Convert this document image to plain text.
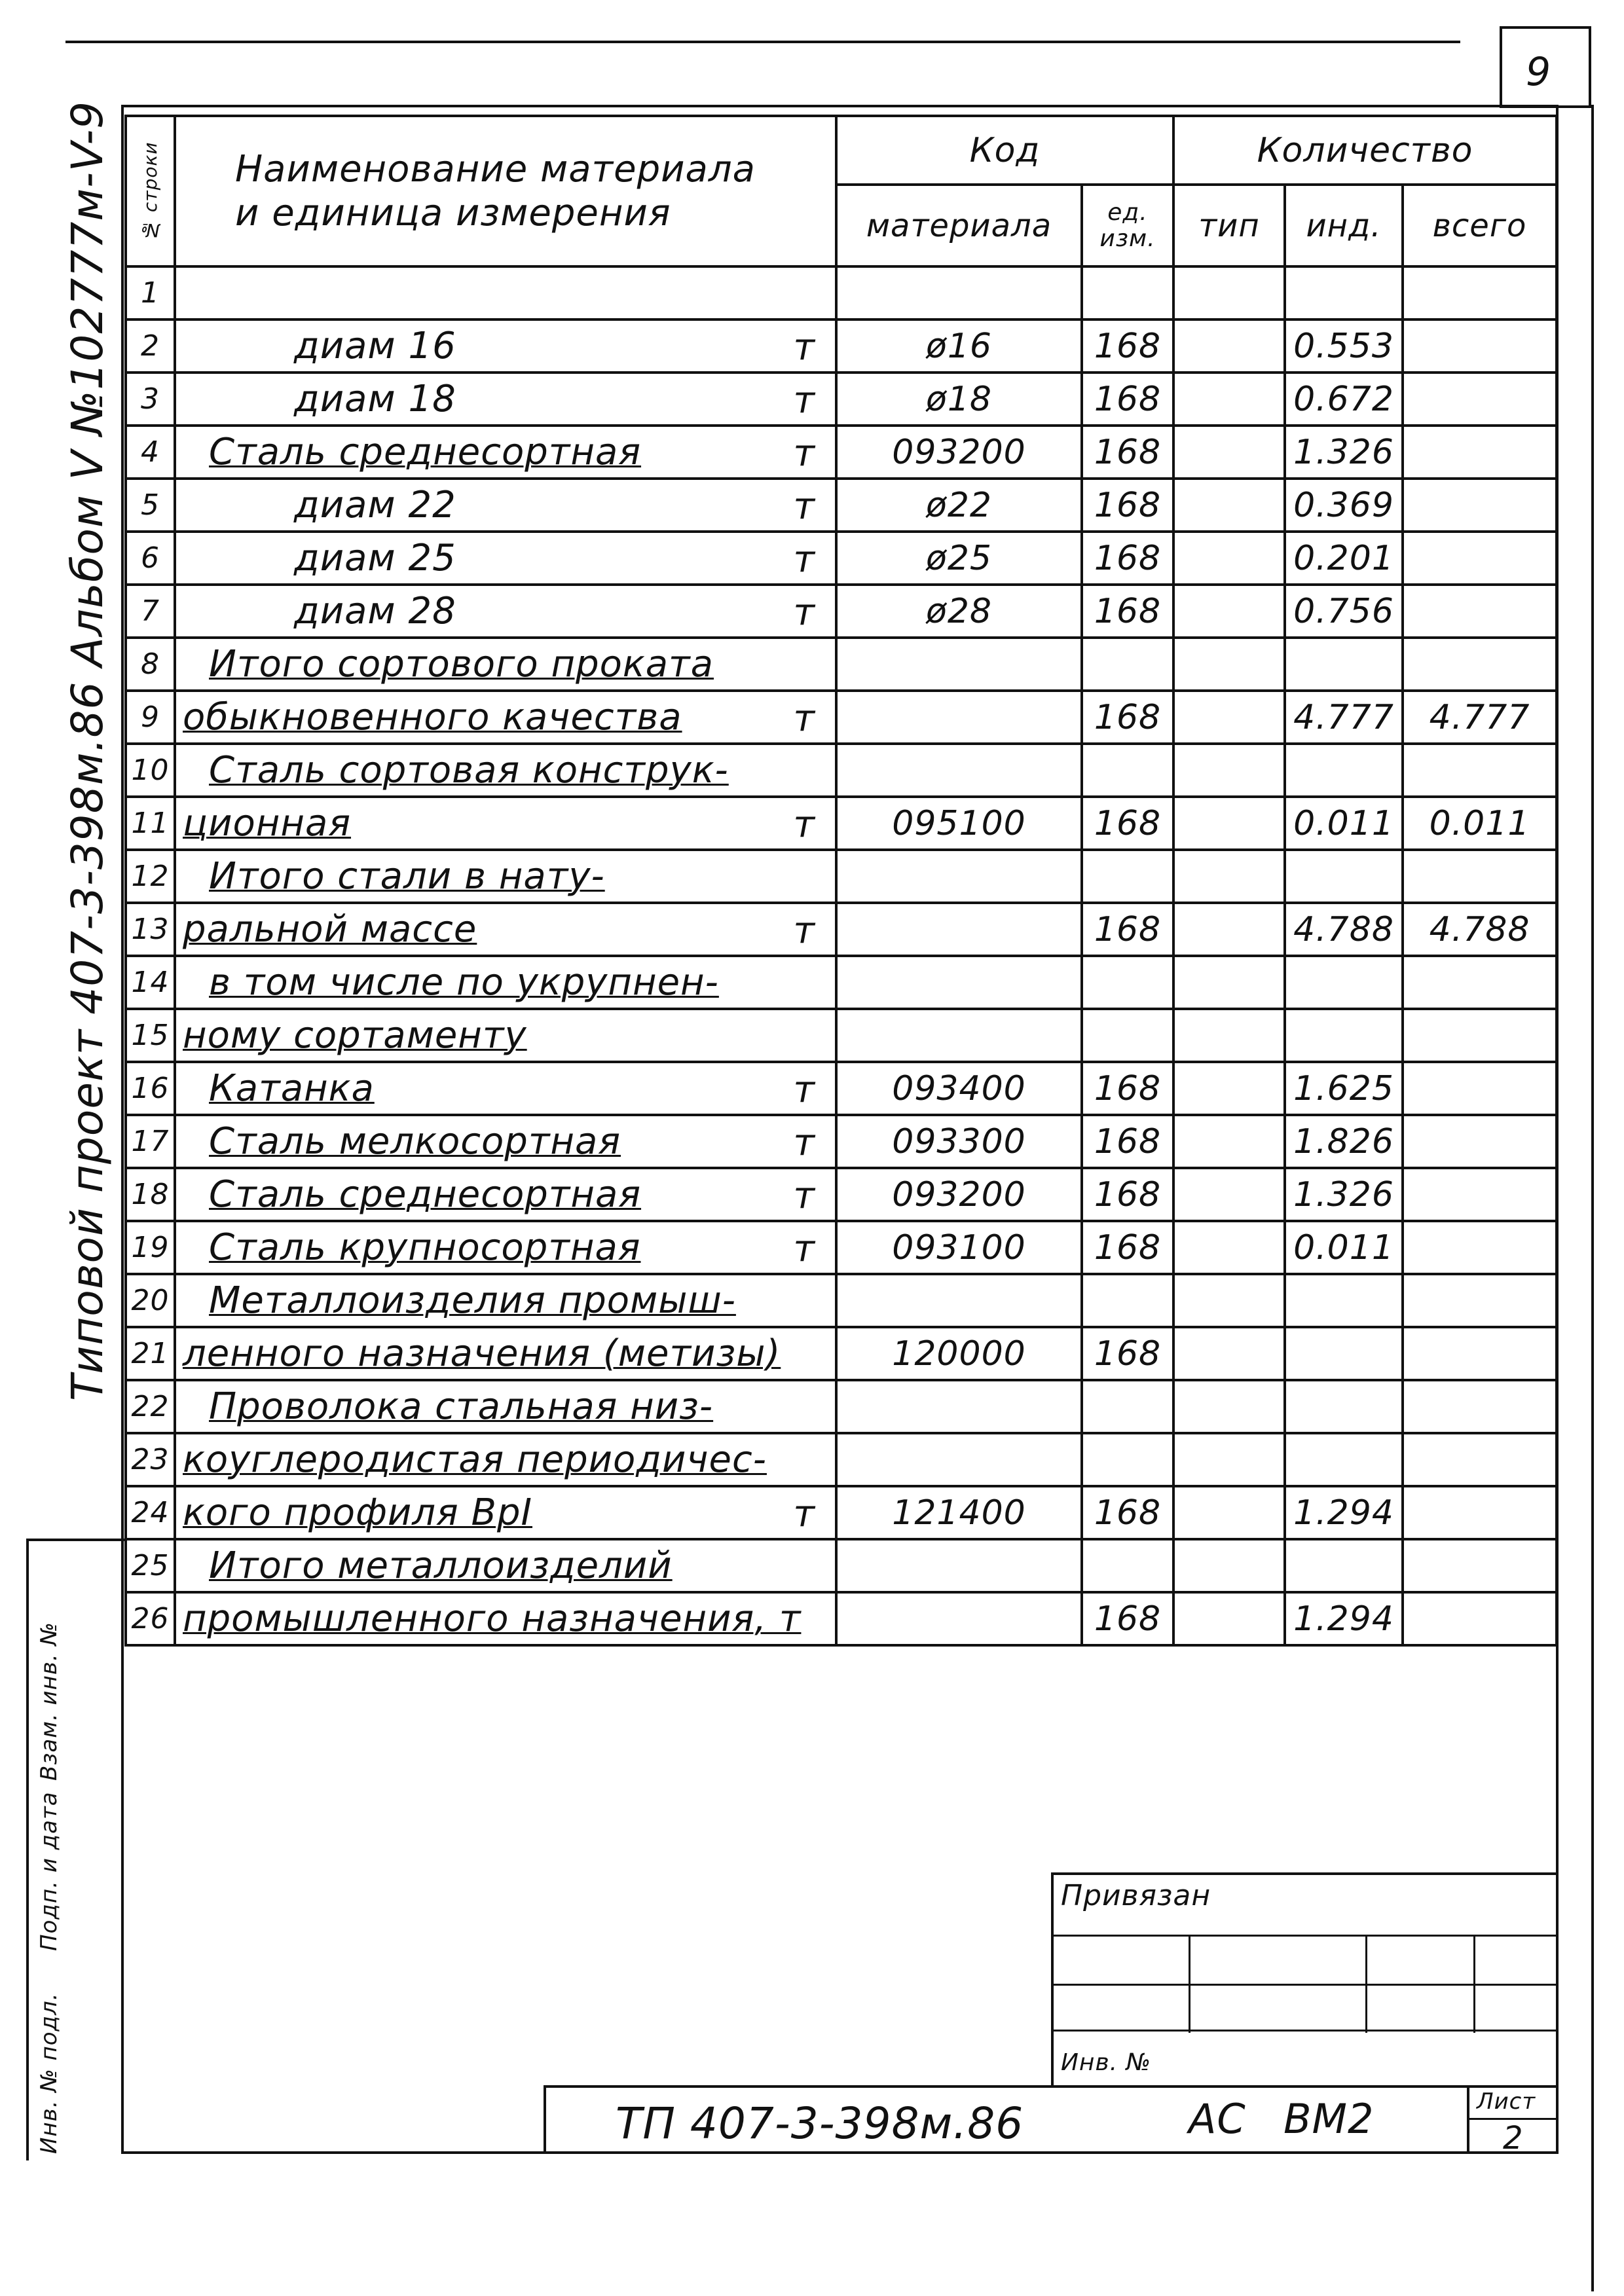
9
Типовой проект 407-3-398м.86 Альбом V №102777м-V-9
Инв. № подл.
Подп. и дата
Взам. инв. №
№ строки	Наименование материала
и единица измерения	Код		Количество		
		материала	ед. изм.	тип	инд.	всего
1	

2	диам 16 т	ø16	168		0.553	
3	диам 18 т	ø18	168		0.672	
4	Сталь среднесортная т	093200	168		1.326	
5	диам 22 т	ø22	168		0.369	
6	диам 25 т	ø25	168		0.201	
7	диам 28 т	ø28	168		0.756	
8	Итого сортового проката

9	обыкновенного качества т		168		4.777	4.777
10	Сталь сортовая конструк-

11	ционная т	095100	168		0.011	0.011
12	Итого стали в нату-

13	ральной массе т		168		4.788	4.788
14	в том числе по укрупнен-

15	ному сортаменту

16	Катанка т	093400	168		1.625	
17	Сталь мелкосортная т	093300	168		1.826	
18	Сталь среднесортная т	093200	168		1.326	
19	Сталь крупносортная т	093100	168		0.011	
20	Металлоизделия промыш-

21	ленного назначения (метизы)	120000	168			
22	Проволока стальная низ-

23	коуглеродистая периодичес-

24	кого профиля ВрI т	121400	168		1.294	
25	Итого металлоизделий

26	промышленного назначения, т		168		1.294	
Привязан
Инв. №
ТП 407-3-398м.86	АС ВМ2	Лист
2
